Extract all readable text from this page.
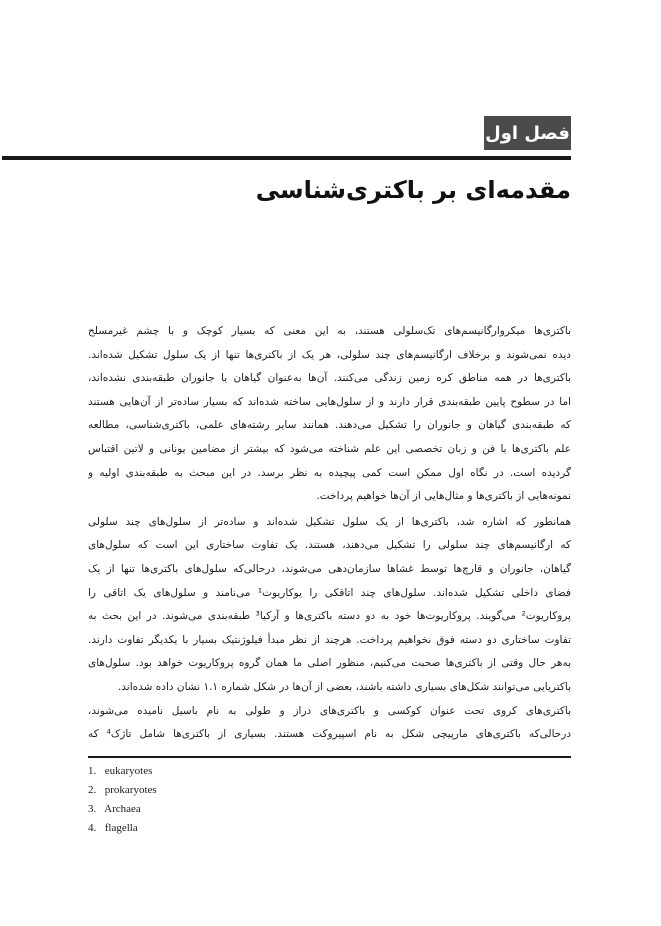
فصل اول
مقدمه‌ای بر باکتری‌شناسی
باکتری‌ها میکروارگانیسم‌های تک‌سلولی هستند، به این معنی که بسیار کوچک و با چشم غیرمسلح
دیده نمی‌شوند و برخلاف ارگانیسم‌های چند سلولی، هر یک از باکتری‌ها تنها از یک سلول تشکیل شده‌اند.
باکتری‌ها در همه مناطق کره زمین زندگی می‌کنند. آن‌ها به‌عنوان گیاهان یا جانوران طبقه‌بندی نشده‌اند،
اما در سطوح پایین طبقه‌بندی قرار دارند و از سلول‌هایی ساخته شده‌اند که بسیار ساده‌تر از آن‌هایی هستند
که طبقه‌بندی گیاهان و جانوران را تشکیل می‌دهند. همانند سایر رشته‌های علمی، باکتری‌شناسی، مطالعه
علم باکتری‌ها با فن و زبان تخصصی این علم شناخته می‌شود که بیشتر از مضامین یونانی و لاتین اقتباس
گردیده است. در نگاه اول ممکن است کمی پیچیده به نظر برسد. در این مبحث به طبقه‌بندی اولیه و
نمونه‌هایی از باکتری‌ها و مثال‌هایی از آن‌ها خواهیم پرداخت.
همانطور که اشاره شد، باکتری‌ها از یک سلول تشکیل شده‌اند و ساده‌تر از سلول‌های چند سلولی
که ارگانیسم‌های چند سلولی را تشکیل می‌دهند، هستند. یک تفاوت ساختاری این است که سلول‌های
گیاهان، جانوران و قارچ‌ها توسط غشاها سازمان‌دهی می‌شوند، درحالی‌که سلول‌های باکتری‌ها تنها از یک
فضای داخلی تشکیل شده‌اند. سلول‌های چند اتاقکی را یوکاریوت¹ می‌نامند و سلول‌های یک اتاقی را
پروکاریوت² می‌گویند. پروکاریوت‌ها خود به دو دسته باکتری‌ها و آرکیا³ طبقه‌بندی می‌شوند. در این بحث به
تفاوت ساختاری دو دسته فوق نخواهیم پرداخت. هرچند از نظر مبدأ فیلوژنتیک بسیار با یکدیگر تفاوت دارند.
به‌هر حال وقتی از باکتری‌ها صحبت می‌کنیم، منظور اصلی ما همان گروه پروکاریوت خواهد بود. سلول‌های
باکتریایی می‌توانند شکل‌های بسیاری داشته باشند، بعضی از آن‌ها در شکل شماره ۱.۱ نشان داده شده‌اند.
باکتری‌های کروی تحت عنوان کوکسی و باکتری‌های دراز و طولی به نام باسیل نامیده می‌شوند،
درحالی‌که باکتری‌های مارپیچی شکل به نام اسپیروکت هستند. بسیاری از باکتری‌ها شامل تاژک⁴ که
1. eukaryotes
2. prokaryotes
3. Archaea
4. flagella
